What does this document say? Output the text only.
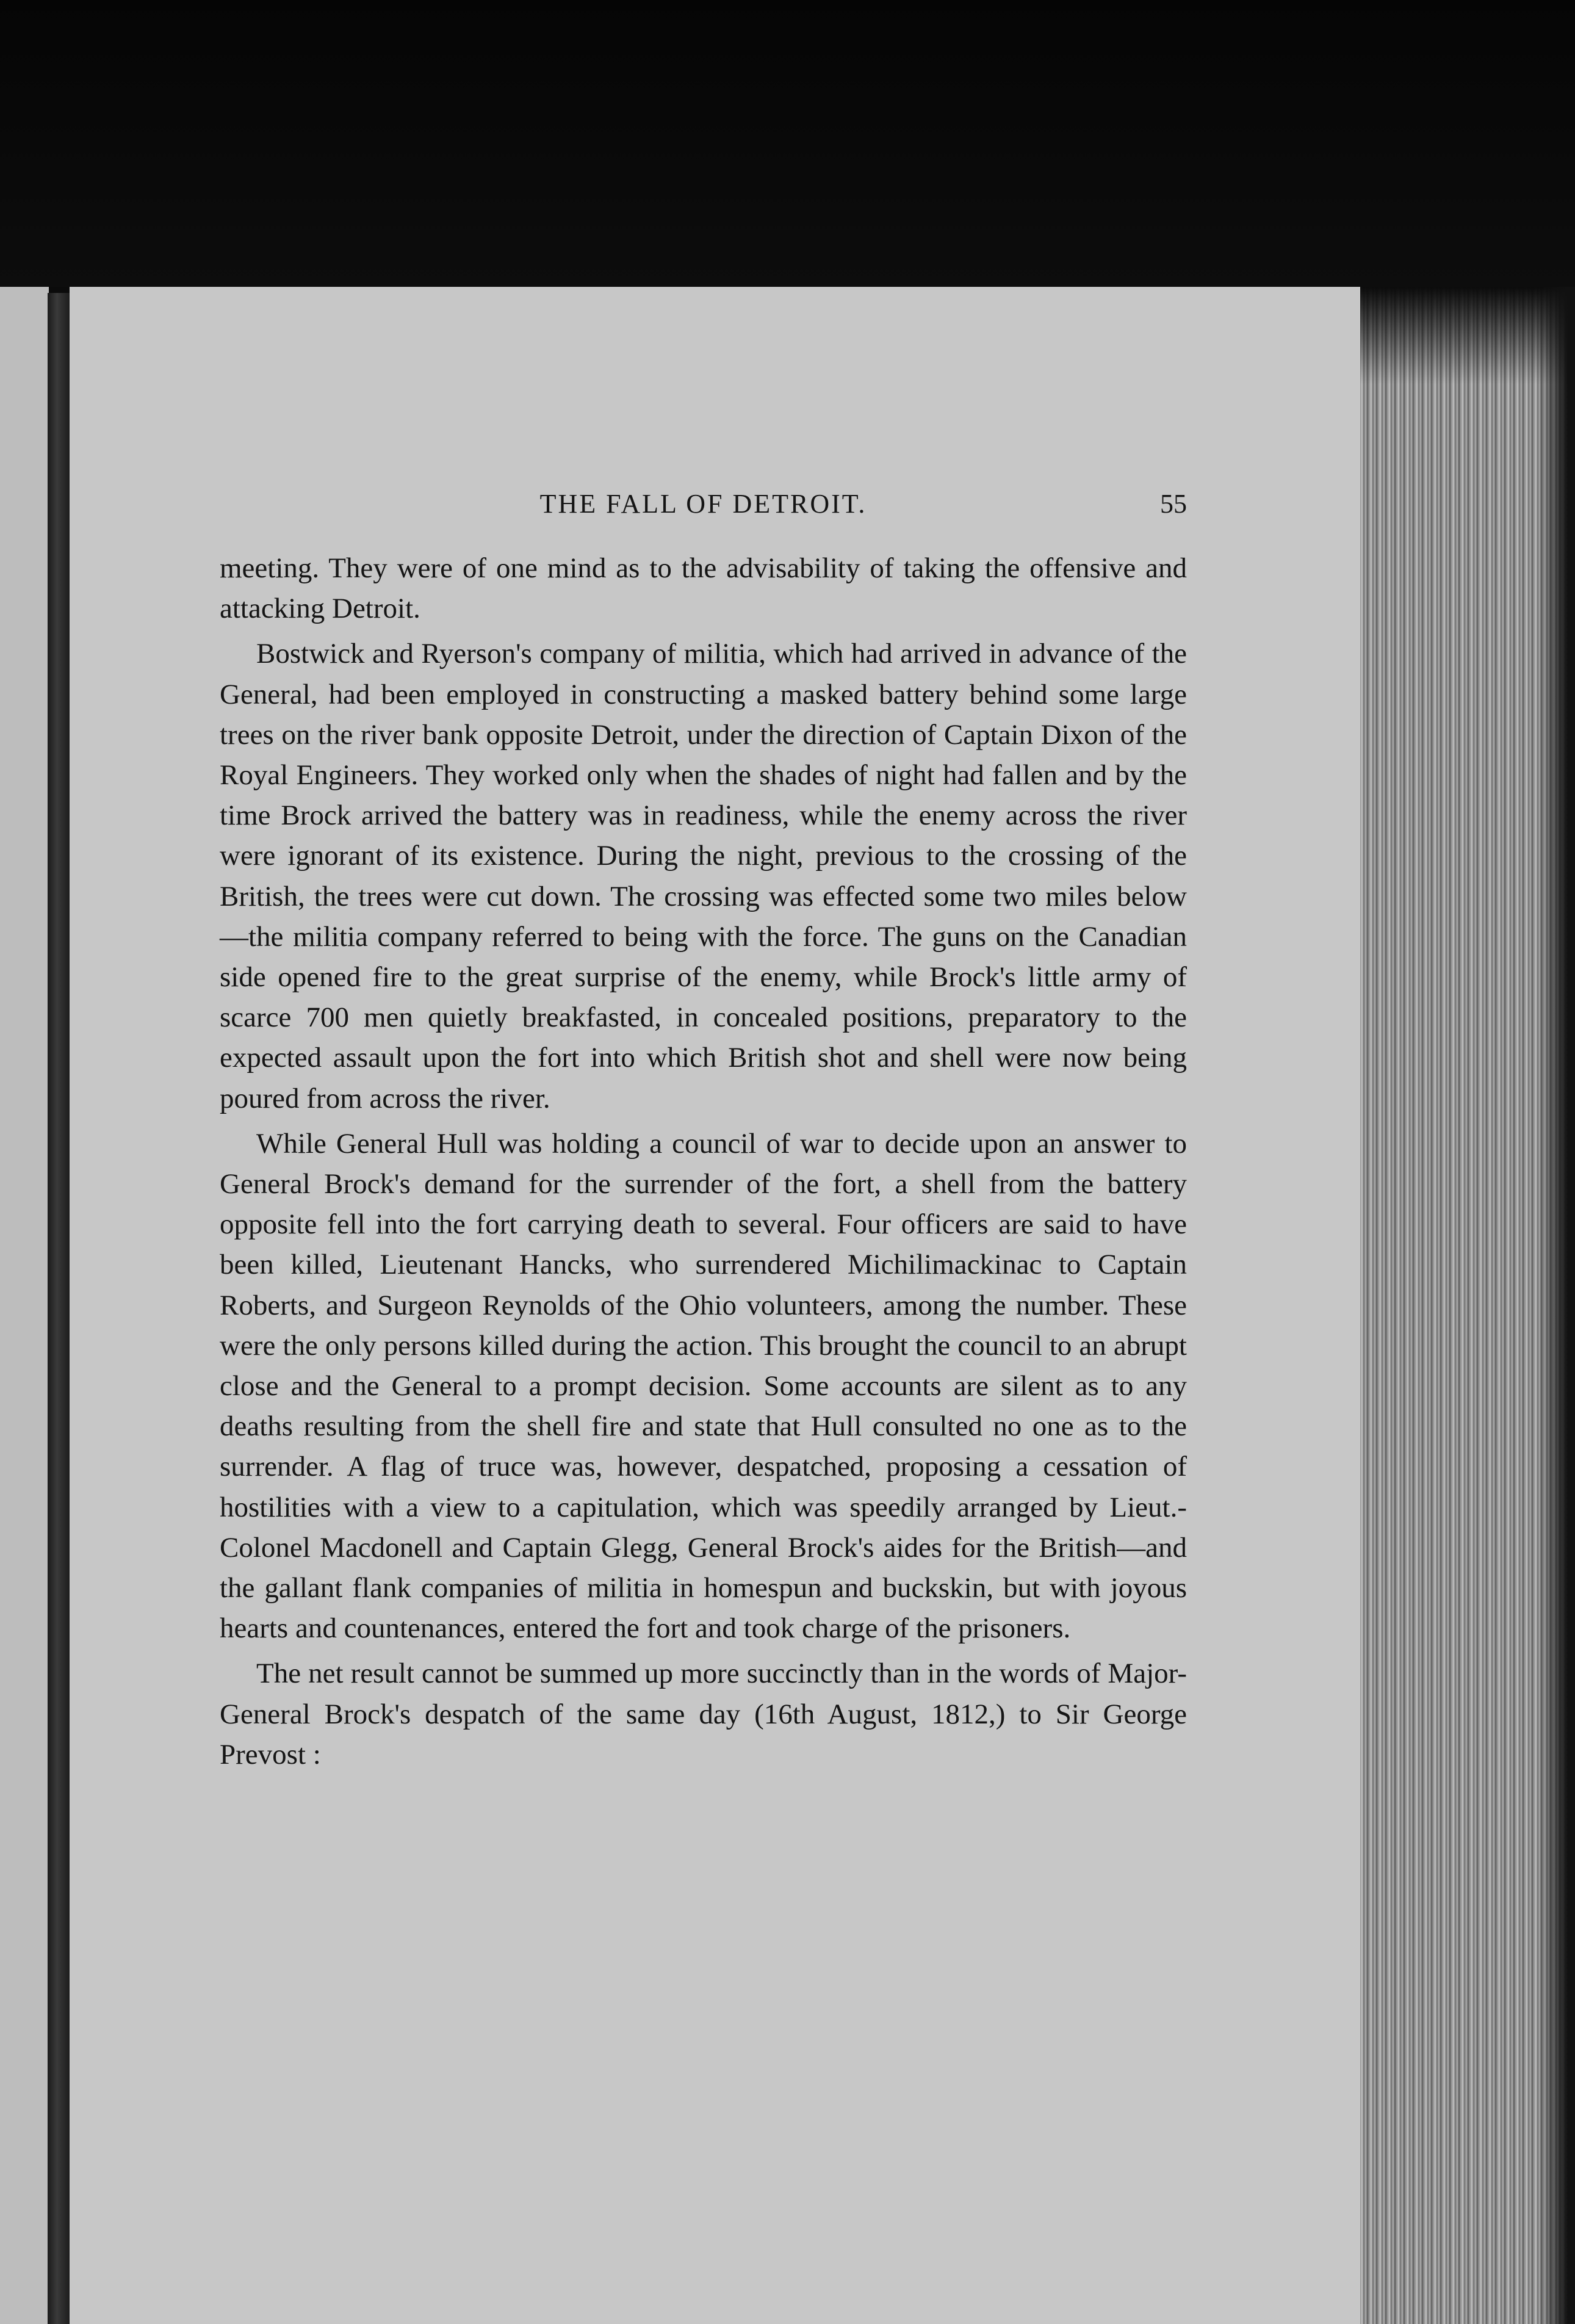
THE FALL OF DETROIT.	55

meeting. They were of one mind as to the advisability of taking the offensive and attacking Detroit.

Bostwick and Ryerson's company of militia, which had arrived in advance of the General, had been employed in constructing a masked battery behind some large trees on the river bank opposite Detroit, under the direction of Captain Dixon of the Royal Engineers. They worked only when the shades of night had fallen and by the time Brock arrived the battery was in readiness, while the enemy across the river were ignorant of its existence. During the night, previous to the crossing of the British, the trees were cut down. The crossing was effected some two miles below—the militia company referred to being with the force. The guns on the Canadian side opened fire to the great surprise of the enemy, while Brock's little army of scarce 700 men quietly breakfasted, in concealed positions, preparatory to the expected assault upon the fort into which British shot and shell were now being poured from across the river.

While General Hull was holding a council of war to decide upon an answer to General Brock's demand for the surrender of the fort, a shell from the battery opposite fell into the fort carrying death to several. Four officers are said to have been killed, Lieutenant Hancks, who surrendered Michilimackinac to Captain Roberts, and Surgeon Reynolds of the Ohio volunteers, among the number. These were the only persons killed during the action. This brought the council to an abrupt close and the General to a prompt decision. Some accounts are silent as to any deaths resulting from the shell fire and state that Hull consulted no one as to the surrender. A flag of truce was, however, despatched, proposing a cessation of hostilities with a view to a capitulation, which was speedily arranged by Lieut.-Colonel Macdonell and Captain Glegg, General Brock's aides for the British—and the gallant flank companies of militia in homespun and buckskin, but with joyous hearts and countenances, entered the fort and took charge of the prisoners.

The net result cannot be summed up more succinctly than in the words of Major-General Brock's despatch of the same day (16th August, 1812,) to Sir George Prevost :
